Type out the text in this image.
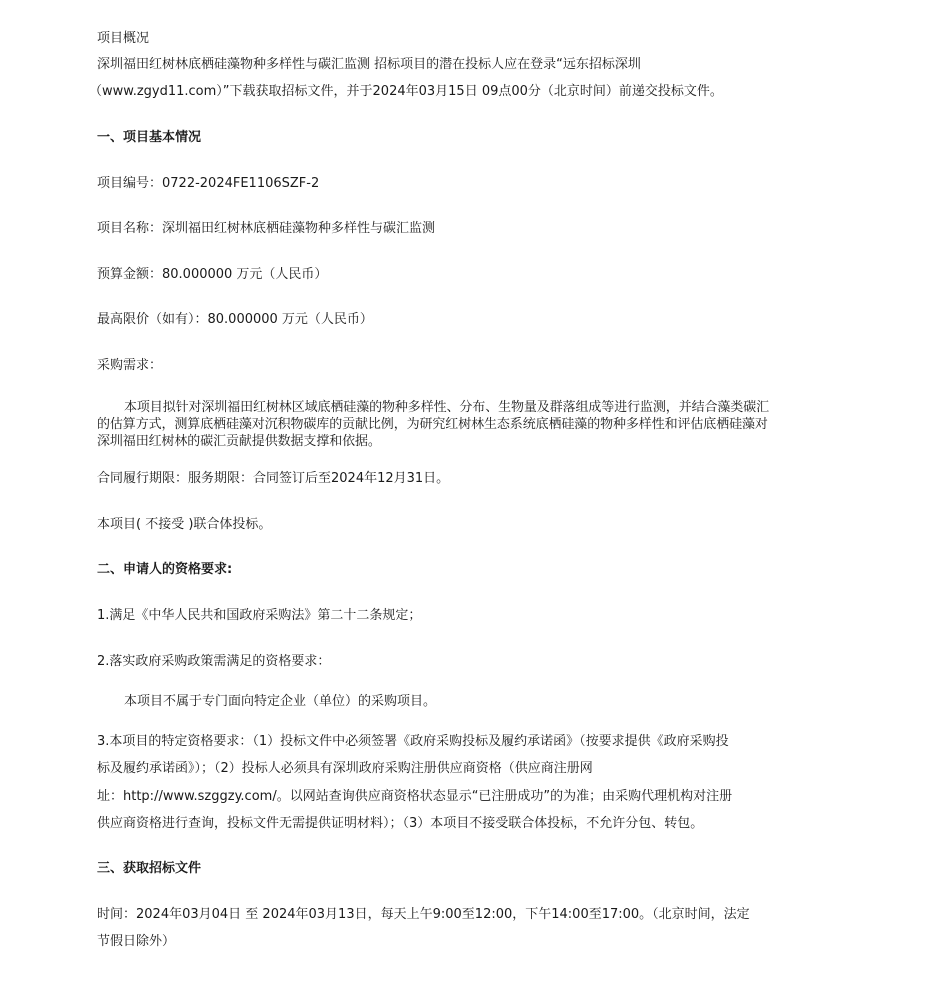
项目概况
深圳福田红树林底栖硅藻物种多样性与碳汇监测 招标项目的潜在投标人应在登录“远东招标深圳
（www.zgyd11.com）”下载获取招标文件，并于2024年03月15日 09点00分（北京时间）前递交投标文件。
一、项目基本情况
项目编号：0722-2024FE1106SZF-2
项目名称：深圳福田红树林底栖硅藻物种多样性与碳汇监测
预算金额：80.000000 万元（人民币）
最高限价（如有）：80.000000 万元（人民币）
采购需求：
本项目拟针对深圳福田红树林区域底栖硅藻的物种多样性、分布、生物量及群落组成等进行监测，并结合藻类碳汇的估算方式，测算底栖硅藻对沉积物碳库的贡献比例，为研究红树林生态系统底栖硅藻的物种多样性和评估底栖硅藻对深圳福田红树林的碳汇贡献提供数据支撑和依据。
合同履行期限：服务期限：合同签订后至2024年12月31日。
本项目( 不接受 )联合体投标。
二、申请人的资格要求:
1.满足《中华人民共和国政府采购法》第二十二条规定；
2.落实政府采购政策需满足的资格要求：
本项目不属于专门面向特定企业（单位）的采购项目。
3.本项目的特定资格要求：（1）投标文件中必须签署《政府采购投标及履约承诺函》（按要求提供《政府采购投
标及履约承诺函》）；（2）投标人必须具有深圳政府采购注册供应商资格（供应商注册网
址：http://www.szggzy.com/。以网站查询供应商资格状态显示“已注册成功”的为准；由采购代理机构对注册
供应商资格进行查询，投标文件无需提供证明材料）；（3）本项目不接受联合体投标，不允许分包、转包。
三、获取招标文件
时间：2024年03月04日 至 2024年03月13日，每天上午9:00至12:00，下午14:00至17:00。（北京时间，法定
节假日除外）
